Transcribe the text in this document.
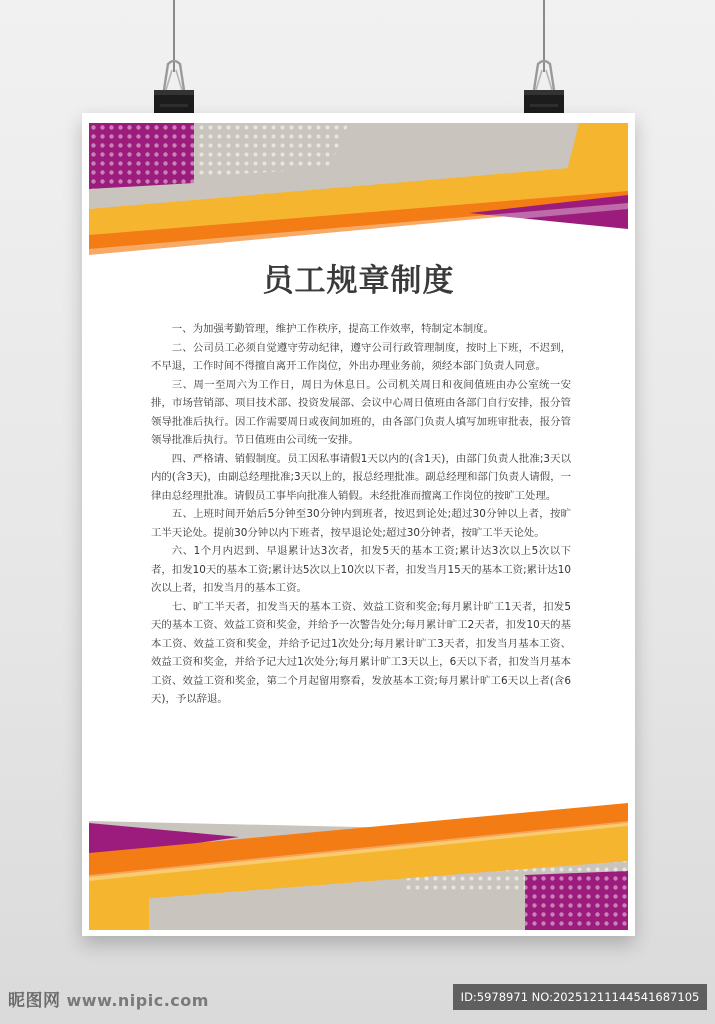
员工规章制度

一、为加强考勤管理，维护工作秩序，提高工作效率，特制定本制度。

二、公司员工必须自觉遵守劳动纪律，遵守公司行政管理制度，按时上下班，不迟到，不早退，工作时间不得擅自离开工作岗位，外出办理业务前，须经本部门负责人同意。

三、周一至周六为工作日，周日为休息日。公司机关周日和夜间值班由办公室统一安排，市场营销部、项目技术部、投资发展部、会议中心周日值班由各部门自行安排，报分管领导批准后执行。因工作需要周日或夜间加班的，由各部门负责人填写加班审批表，报分管领导批准后执行。节日值班由公司统一安排。

四、严格请、销假制度。员工因私事请假1天以内的(含1天)，由部门负责人批准;3天以内的(含3天)，由副总经理批准;3天以上的，报总经理批准。副总经理和部门负责人请假，一律由总经理批准。请假员工事毕向批准人销假。未经批准而擅离工作岗位的按旷工处理。

五、上班时间开始后5分钟至30分钟内到班者，按迟到论处;超过30分钟以上者，按旷工半天论处。提前30分钟以内下班者，按早退论处;超过30分钟者，按旷工半天论处。

六、1个月内迟到、早退累计达3次者，扣发5天的基本工资;累计达3次以上5次以下者，扣发10天的基本工资;累计达5次以上10次以下者，扣发当月15天的基本工资;累计达10次以上者，扣发当月的基本工资。

七、旷工半天者，扣发当天的基本工资、效益工资和奖金;每月累计旷工1天者，扣发5天的基本工资、效益工资和奖金，并给予一次警告处分;每月累计旷工2天者，扣发10天的基本工资、效益工资和奖金，并给予记过1次处分;每月累计旷工3天者，扣发当月基本工资、效益工资和奖金，并给予记大过1次处分;每月累计旷工3天以上，6天以下者，扣发当月基本工资、效益工资和奖金，第二个月起留用察看，发放基本工资;每月累计旷工6天以上者(含6天)，予以辞退。

昵图网 www.nipic.com	ID:5978971 NO:20251211144541687105
